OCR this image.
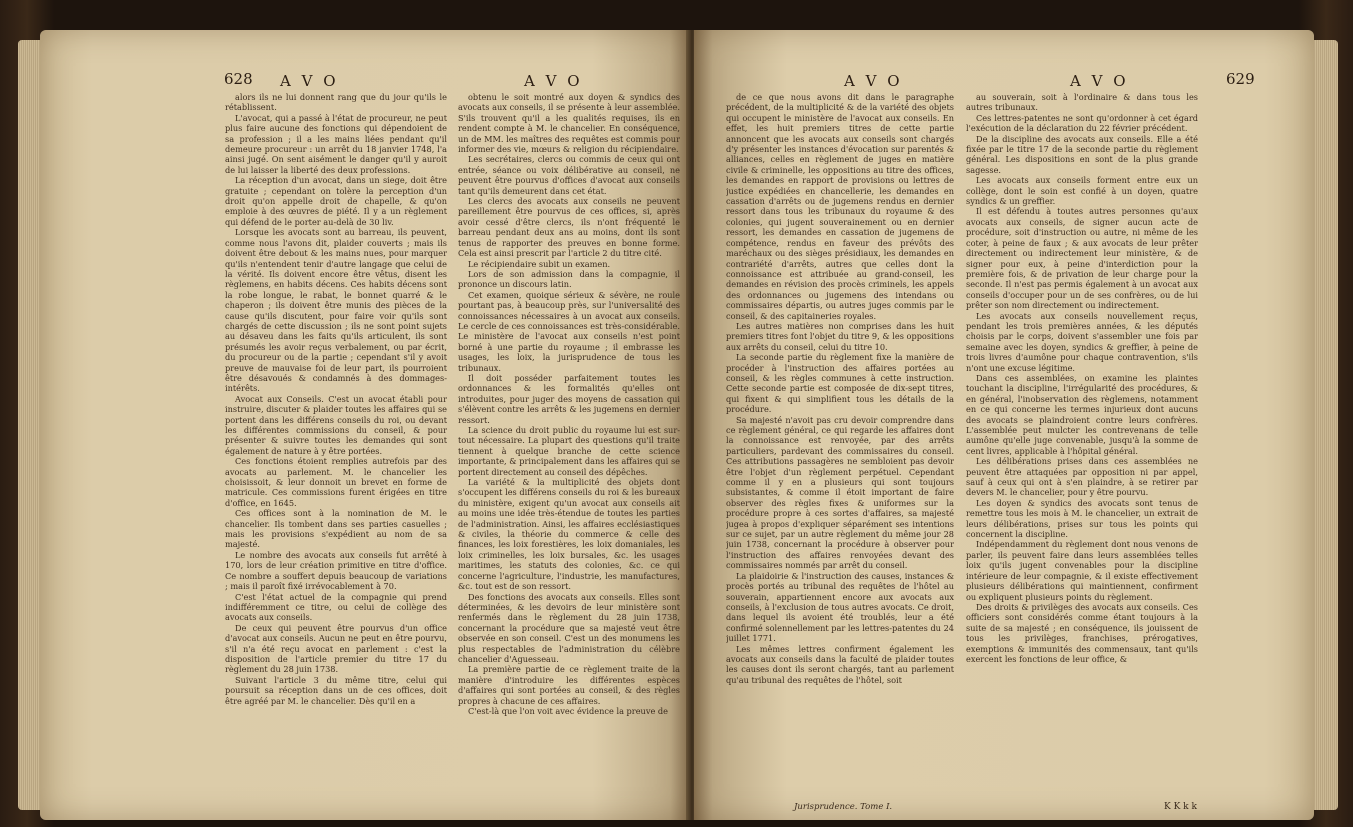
628 A V O	A V O

alors ils ne lui donnent rang que du jour qu'ils le rétablissent.

L'avocat, qui a passé à l'état de procureur, ne peut plus faire aucune des fonctions qui dépendoient de sa profession ; il a les mains liées pendant qu'il demeure procureur : un arrêt du 18 janvier 1748, l'a ainsi jugé. On sent aisément le danger qu'il y auroit de lui laisser la liberté des deux professions.

La réception d'un avocat, dans un siege, doit être gratuite ; cependant on tolère la perception d'un droit qu'on appelle droit de chapelle, & qu'on emploie à des œuvres de piété. Il y a un règlement qui défend de le porter au-delà de 30 liv.

Lorsque les avocats sont au barreau, ils peuvent, comme nous l'avons dit, plaider couverts ; mais ils doivent être debout & les mains nues, pour marquer qu'ils n'entendent tenir d'autre langage que celui de la vérité. Ils doivent encore être vêtus, disent les règlemens, en habits décens. Ces habits décens sont la robe longue, le rabat, le bonnet quarré & le chaperon ; ils doivent être munis des pièces de la cause qu'ils discutent, pour faire voir qu'ils sont chargés de cette discussion ; ils ne sont point sujets au désaveu dans les faits qu'ils articulent, ils sont présumés les avoir reçus verbalement, ou par écrit, du procureur ou de la partie ; cependant s'il y avoit preuve de mauvaise foi de leur part, ils pourroient être désavoués & condamnés à des dommages-intérêts.

Avocat aux Conseils. C'est un avocat établi pour instruire, discuter & plaider toutes les affaires qui se portent dans les différens conseils du roi, ou devant les différentes commissions du conseil, & pour présenter & suivre toutes les demandes qui sont également de nature à y être portées.

Ces fonctions étoient remplies autrefois par des avocats au parlement. M. le chancelier les choisissoit, & leur donnoit un brevet en forme de matricule. Ces commissions furent érigées en titre d'office, en 1645.

Ces offices sont à la nomination de M. le chancelier. Ils tombent dans ses parties casuelles ; mais les provisions s'expédient au nom de sa majesté.

Le nombre des avocats aux conseils fut arrêté à 170, lors de leur création primitive en titre d'office. Ce nombre a souffert depuis beaucoup de variations ; mais il paroît fixé irrévocablement à 70.

C'est l'état actuel de la compagnie qui prend indifféremment ce titre, ou celui de collège des avocats aux conseils.

De ceux qui peuvent être pourvus d'un office d'avocat aux conseils. Aucun ne peut en être pourvu, s'il n'a été reçu avocat en parlement : c'est la disposition de l'article premier du titre 17 du règlement du 28 juin 1738.

Suivant l'article 3 du même titre, celui qui poursuit sa réception dans un de ces offices, doit être agréé par M. le chancelier. Dès qu'il en a

obtenu le soit montré aux doyen & syndics des avocats aux conseils, il se présente à leur assemblée. S'ils trouvent qu'il a les qualités requises, ils en rendent compte à M. le chancelier. En conséquence, un de MM. les maîtres des requêtes est commis pour informer des vie, mœurs & religion du récipiendaire.

Les secrétaires, clercs ou commis de ceux qui ont entrée, séance ou voix délibérative au conseil, ne peuvent être pourvus d'offices d'avocat aux conseils tant qu'ils demeurent dans cet état.

Les clercs des avocats aux conseils ne peuvent pareillement être pourvus de ces offices, si, après avoir cessé d'être clercs, ils n'ont fréquenté le barreau pendant deux ans au moins, dont ils sont tenus de rapporter des preuves en bonne forme. Cela est ainsi prescrit par l'article 2 du titre cité.

Le récipiendaire subit un examen.

Lors de son admission dans la compagnie, il prononce un discours latin.

Cet examen, quoique sérieux & sévère, ne roule pourtant pas, à beaucoup près, sur l'universalité des connoissances nécessaires à un avocat aux conseils. Le cercle de ces connoissances est très-considérable. Le ministère de l'avocat aux conseils n'est point borné à une partie du royaume ; il embrasse les usages, les loix, la jurisprudence de tous les tribunaux.

Il doit posséder parfaitement toutes les ordonnances & les formalités qu'elles ont introduites, pour juger des moyens de cassation qui s'élèvent contre les arrêts & les jugemens en dernier ressort.

La science du droit public du royaume lui est sur-tout nécessaire. La plupart des questions qu'il traite tiennent à quelque branche de cette science importante, & principalement dans les affaires qui se portent directement au conseil des dépêches.

La variété & la multiplicité des objets dont s'occupent les différens conseils du roi & les bureaux du ministère, exigent qu'un avocat aux conseils ait au moins une idée très-étendue de toutes les parties de l'administration. Ainsi, les affaires ecclésiastiques & civiles, la théorie du commerce & celle des finances, les loix forestières, les loix domaniales, les loix criminelles, les loix bursales, &c. les usages maritimes, les statuts des colonies, &c. ce qui concerne l'agriculture, l'industrie, les manufactures, &c. tout est de son ressort.

Des fonctions des avocats aux conseils. Elles sont déterminées, & les devoirs de leur ministère sont renfermés dans le règlement du 28 juin 1738, concernant la procédure que sa majesté veut être observée en son conseil. C'est un des monumens les plus respectables de l'administration du célèbre chancelier d'Aguesseau.

La première partie de ce règlement traite de la manière d'introduire les différentes espèces d'affaires qui sont portées au conseil, & des règles propres à chacune de ces affaires.

C'est-là que l'on voit avec évidence la preuve de

A V O	A V O	629

de ce que nous avons dit dans le paragraphe précédent, de la multiplicité & de la variété des objets qui occupent le ministère de l'avocat aux conseils. En effet, les huit premiers titres de cette partie annoncent que les avocats aux conseils sont chargés d'y présenter les instances d'évocation sur parentés & alliances, celles en règlement de juges en matière civile & criminelle, les oppositions au titre des offices, les demandes en rapport de provisions ou lettres de justice expédiées en chancellerie, les demandes en cassation d'arrêts ou de jugemens rendus en dernier ressort dans tous les tribunaux du royaume & des colonies, qui jugent souverainement ou en dernier ressort, les demandes en cassation de jugemens de compétence, rendus en faveur des prévôts des maréchaux ou des sièges présidiaux, les demandes en contrariété d'arrêts, autres que celles dont la connoissance est attribuée au grand-conseil, les demandes en révision des procès criminels, les appels des ordonnances ou jugemens des intendans ou commissaires départis, ou autres juges commis par le conseil, & des capitaineries royales.

Les autres matières non comprises dans les huit premiers titres font l'objet du titre 9, & les oppositions aux arrêts du conseil, celui du titre 10.

La seconde partie du règlement fixe la manière de procéder à l'instruction des affaires portées au conseil, & les règles communes à cette instruction. Cette seconde partie est composée de dix-sept titres, qui fixent & qui simplifient tous les détails de la procédure.

Sa majesté n'avoit pas cru devoir comprendre dans ce règlement général, ce qui regarde les affaires dont la connoissance est renvoyée, par des arrêts particuliers, pardevant des commissaires du conseil. Ces attributions passagères ne sembloient pas devoir être l'objet d'un règlement perpétuel. Cependant comme il y en a plusieurs qui sont toujours subsistantes, & comme il étoit important de faire observer des règles fixes & uniformes sur la procédure propre à ces sortes d'affaires, sa majesté jugea à propos d'expliquer séparément ses intentions sur ce sujet, par un autre règlement du même jour 28 juin 1738, concernant la procédure à observer pour l'instruction des affaires renvoyées devant des commissaires nommés par arrêt du conseil.

La plaidoirie & l'instruction des causes, instances & procès portés au tribunal des requêtes de l'hôtel au souverain, appartiennent encore aux avocats aux conseils, à l'exclusion de tous autres avocats. Ce droit, dans lequel ils avoient été troublés, leur a été confirmé solennellement par les lettres-patentes du 24 juillet 1771.

Les mêmes lettres confirment également les avocats aux conseils dans la faculté de plaider toutes les causes dont ils seront chargés, tant au parlement qu'au tribunal des requêtes de l'hôtel, soit

au souverain, soit à l'ordinaire & dans tous les autres tribunaux.

Ces lettres-patentes ne sont qu'ordonner à cet égard l'exécution de la déclaration du 22 février précédent.

De la discipline des avocats aux conseils. Elle a été fixée par le titre 17 de la seconde partie du règlement général. Les dispositions en sont de la plus grande sagesse.

Les avocats aux conseils forment entre eux un collège, dont le soin est confié à un doyen, quatre syndics & un greffier.

Il est défendu à toutes autres personnes qu'aux avocats aux conseils, de signer aucun acte de procédure, soit d'instruction ou autre, ni même de les coter, à peine de faux ; & aux avocats de leur prêter directement ou indirectement leur ministère, & de signer pour eux, à peine d'interdiction pour la première fois, & de privation de leur charge pour la seconde. Il n'est pas permis également à un avocat aux conseils d'occuper pour un de ses confrères, ou de lui prêter son nom directement ou indirectement.

Les avocats aux conseils nouvellement reçus, pendant les trois premières années, & les députés choisis par le corps, doivent s'assembler une fois par semaine avec les doyen, syndics & greffier, à peine de trois livres d'aumône pour chaque contravention, s'ils n'ont une excuse légitime.

Dans ces assemblées, on examine les plaintes touchant la discipline, l'irrégularité des procédures, & en général, l'inobservation des règlemens, notamment en ce qui concerne les termes injurieux dont aucuns des avocats se plaindroient contre leurs confrères. L'assemblée peut mulcter les contrevenans de telle aumône qu'elle juge convenable, jusqu'à la somme de cent livres, applicable à l'hôpital général.

Les délibérations prises dans ces assemblées ne peuvent être attaquées par opposition ni par appel, sauf à ceux qui ont à s'en plaindre, à se retirer par devers M. le chancelier, pour y être pourvu.

Les doyen & syndics des avocats sont tenus de remettre tous les mois à M. le chancelier, un extrait de leurs délibérations, prises sur tous les points qui concernent la discipline.

Indépendamment du règlement dont nous venons de parler, ils peuvent faire dans leurs assemblées telles loix qu'ils jugent convenables pour la discipline intérieure de leur compagnie, & il existe effectivement plusieurs délibérations qui maintiennent, confirment ou expliquent plusieurs points du règlement.

Des droits & privilèges des avocats aux conseils. Ces officiers sont considérés comme étant toujours à la suite de sa majesté ; en conséquence, ils jouissent de tous les privilèges, franchises, prérogatives, exemptions & immunités des commensaux, tant qu'ils exercent les fonctions de leur office, &

Jurisprudence. Tome I.	K K k k
